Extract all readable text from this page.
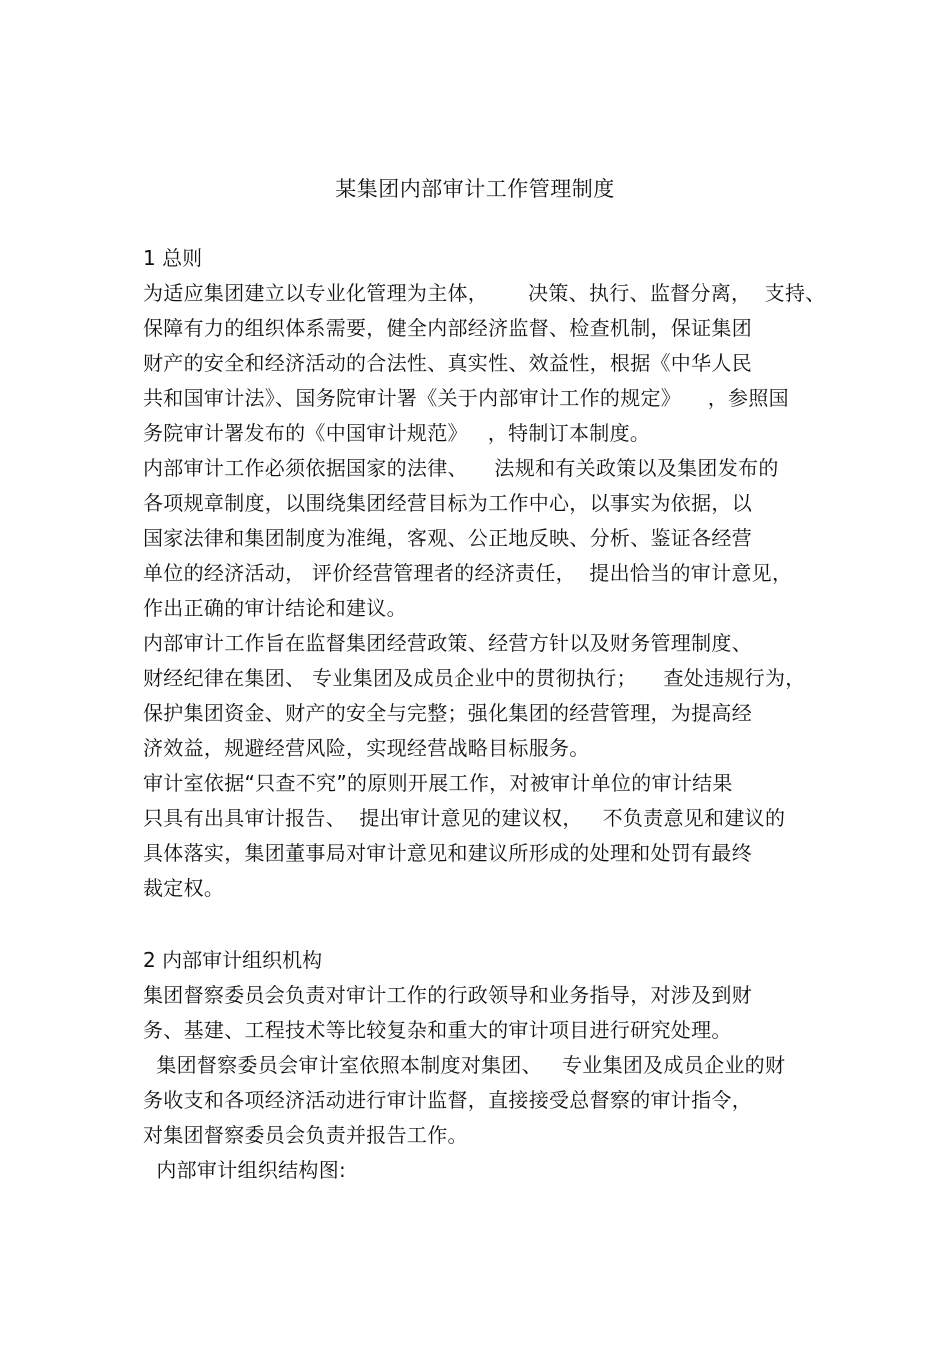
某集团内部审计工作管理制度
1 总则
为适应集团建立以专业化管理为主体，      决策、执行、监督分离，  支持、
保障有力的组织体系需要，健全内部经济监督、检查机制，保证集团
财产的安全和经济活动的合法性、真实性、效益性，根据《中华人民
共和国审计法》、国务院审计署《关于内部审计工作的规定》    ，参照国
务院审计署发布的《中国审计规范》   ，特制订本制度。
内部审计工作必须依据国家的法律、    法规和有关政策以及集团发布的
各项规章制度，以围绕集团经营目标为工作中心，以事实为依据，以
国家法律和集团制度为准绳，客观、公正地反映、分析、鉴证各经营
单位的经济活动， 评价经营管理者的经济责任，  提出恰当的审计意见，
作出正确的审计结论和建议。
内部审计工作旨在监督集团经营政策、经营方针以及财务管理制度、
财经纪律在集团、 专业集团及成员企业中的贯彻执行；    查处违规行为，
保护集团资金、财产的安全与完整；强化集团的经营管理，为提高经
济效益，规避经营风险，实现经营战略目标服务。
审计室依据“只查不究”的原则开展工作，对被审计单位的审计结果
只具有出具审计报告、  提出审计意见的建议权，   不负责意见和建议的
具体落实，集团董事局对审计意见和建议所形成的处理和处罚有最终
裁定权。
2 内部审计组织机构
集团督察委员会负责对审计工作的行政领导和业务指导，对涉及到财
务、基建、工程技术等比较复杂和重大的审计项目进行研究处理。
集团督察委员会审计室依照本制度对集团、   专业集团及成员企业的财
务收支和各项经济活动进行审计监督，直接接受总督察的审计指令，
对集团督察委员会负责并报告工作。
内部审计组织结构图:
